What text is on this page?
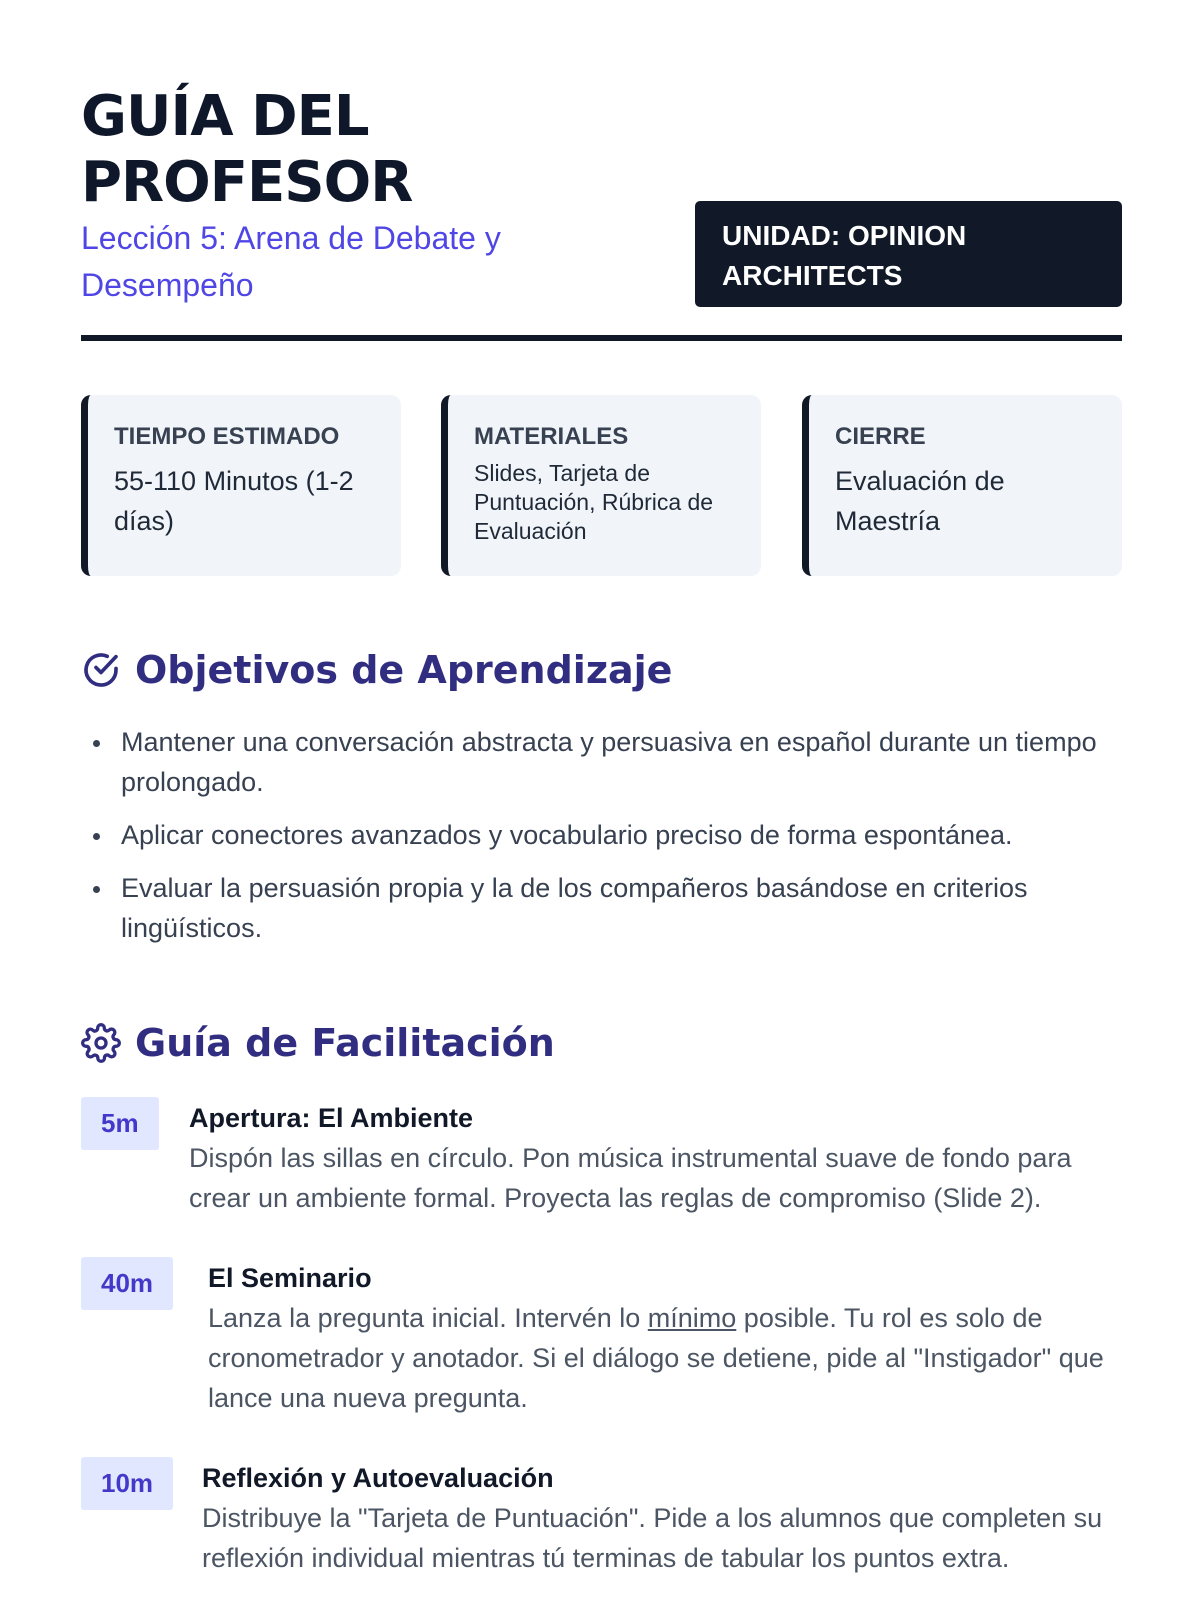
GUÍA DEL PROFESOR
Lección 5: Arena de Debate y Desempeño
UNIDAD: OPINION ARCHITECTS
TIEMPO ESTIMADO
55-110 Minutos (1-2 días)
MATERIALES
Slides, Tarjeta de Puntuación, Rúbrica de Evaluación
CIERRE
Evaluación de Maestría
Objetivos de Aprendizaje
Mantener una conversación abstracta y persuasiva en español durante un tiempo prolongado.
Aplicar conectores avanzados y vocabulario preciso de forma espontánea.
Evaluar la persuasión propia y la de los compañeros basándose en criterios lingüísticos.
Guía de Facilitación
5m	Apertura: El Ambiente
Dispón las sillas en círculo. Pon música instrumental suave de fondo para crear un ambiente formal. Proyecta las reglas de compromiso (Slide 2).
40m	El Seminario
Lanza la pregunta inicial. Intervén lo mínimo posible. Tu rol es solo de cronometrador y anotador. Si el diálogo se detiene, pide al "Instigador" que lance una nueva pregunta.
10m	Reflexión y Autoevaluación
Distribuye la "Tarjeta de Puntuación". Pide a los alumnos que completen su reflexión individual mientras tú terminas de tabular los puntos extra.
